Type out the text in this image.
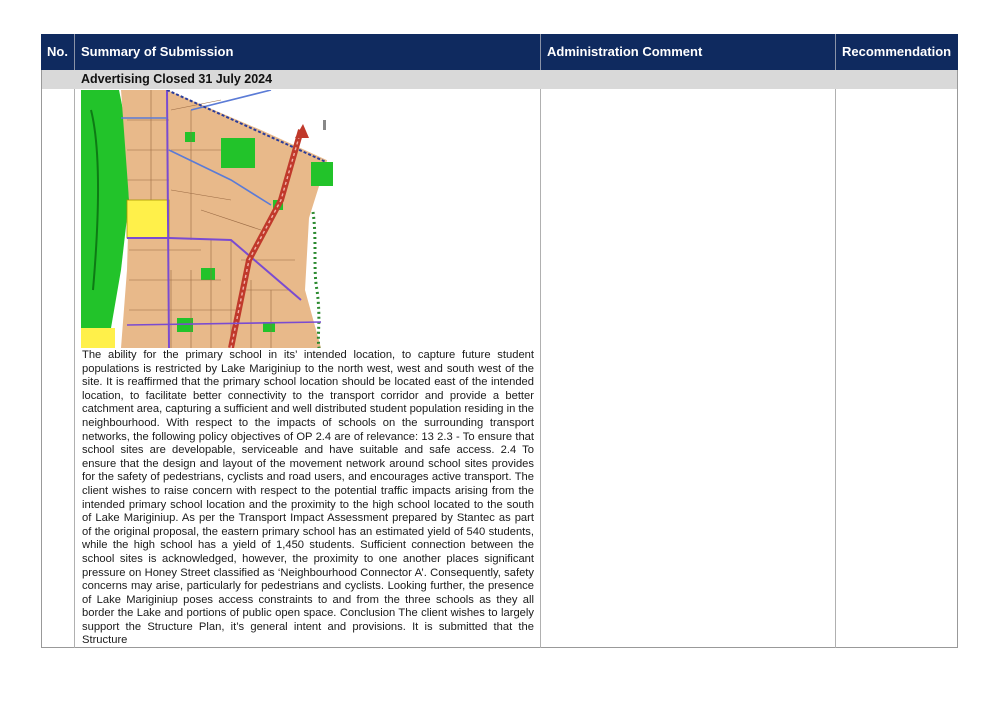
No. Summary of Submission	Administration Comment	Recommendation
Advertising Closed 31 July 2024
The ability for the primary school in its’ intended location, to capture future student populations is restricted by Lake Mariginiup to the north west, west and south west of the site. It is reaffirmed that the primary school location should be located east of the intended location, to facilitate better connectivity to the transport corridor and provide a better catchment area, capturing a sufficient and well distributed student population residing in the neighbourhood. With respect to the impacts of schools on the surrounding transport networks, the following policy objectives of OP 2.4 are of relevance: 13 2.3 - To ensure that school sites are developable, serviceable and have suitable and safe access. 2.4 To ensure that the design and layout of the movement network around school sites provides for the safety of pedestrians, cyclists and road users, and encourages active transport. The client wishes to raise concern with respect to the potential traffic impacts arising from the intended primary school location and the proximity to the high school located to the south of Lake Mariginiup. As per the Transport Impact Assessment prepared by Stantec as part of the original proposal, the eastern primary school has an estimated yield of 540 students, while the high school has a yield of 1,450 students. Sufficient connection between the school sites is acknowledged, however, the proximity to one another places significant pressure on Honey Street classified as ‘Neighbourhood Connector A’. Consequently, safety concerns may arise, particularly for pedestrians and cyclists. Looking further, the presence of Lake Mariginiup poses access constraints to and from the three schools as they all border the Lake and portions of public open space. Conclusion The client wishes to largely support the Structure Plan, it’s general intent and provisions. It is submitted that the Structure
